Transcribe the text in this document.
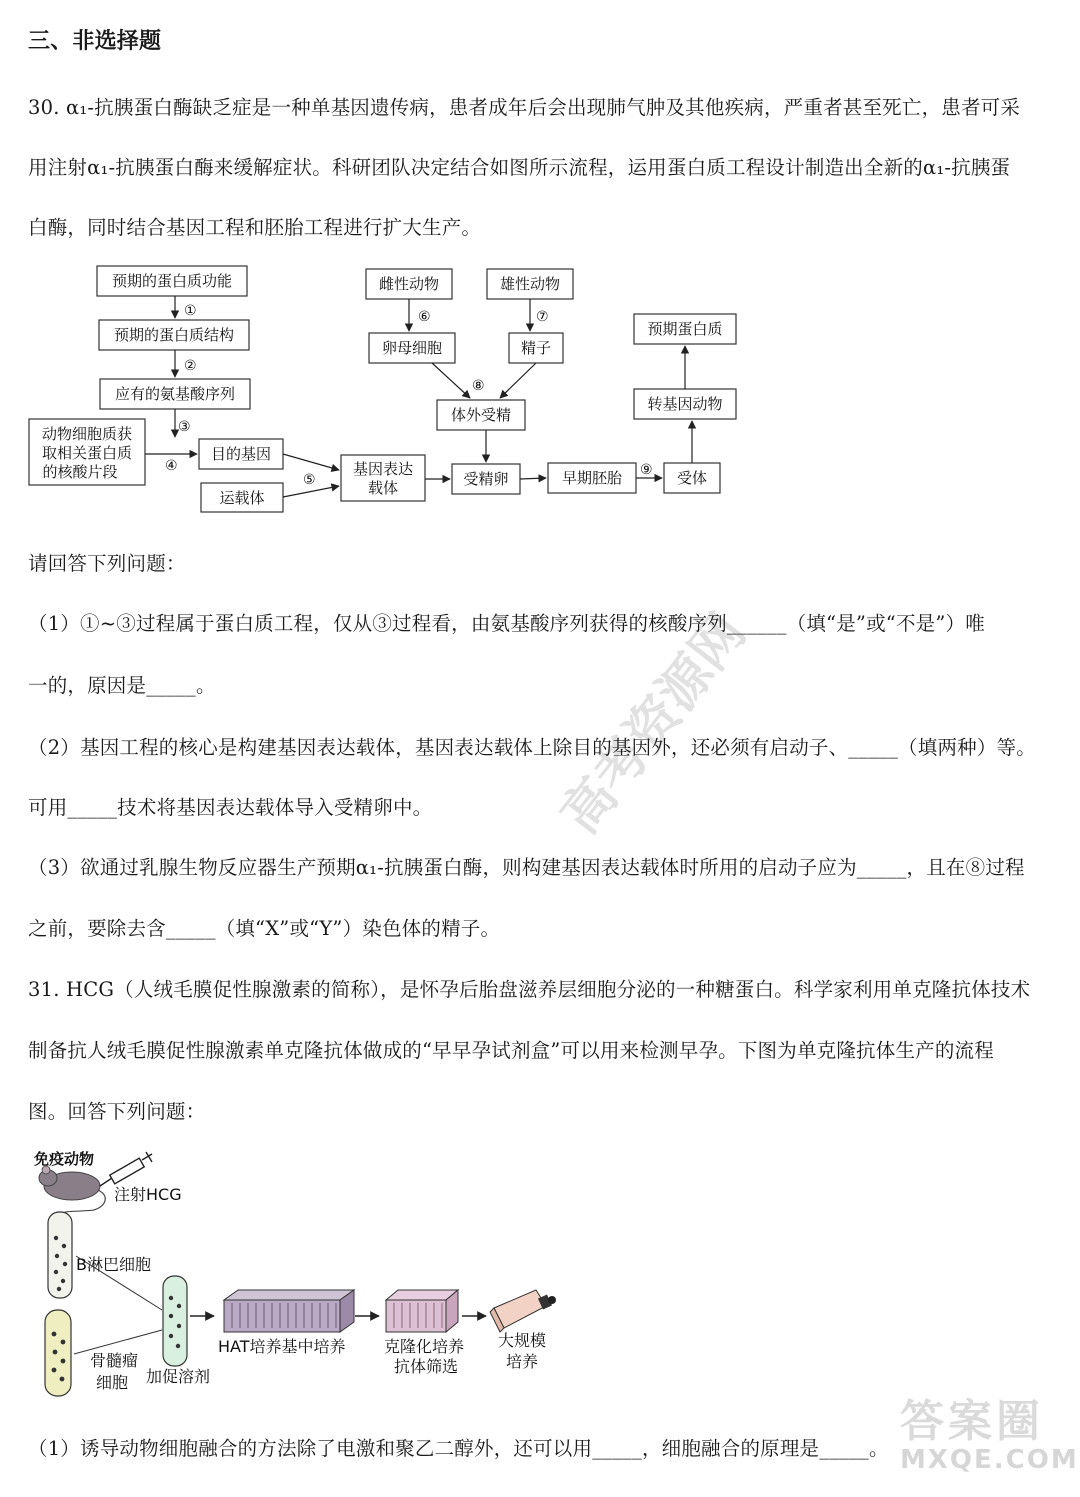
三、非选择题
30. α₁-抗胰蛋白酶缺乏症是一种单基因遗传病，患者成年后会出现肺气肿及其他疾病，严重者甚至死亡，患者可采
用注射α₁-抗胰蛋白酶来缓解症状。科研团队决定结合如图所示流程，运用蛋白质工程设计制造出全新的α₁-抗胰蛋
白酶，同时结合基因工程和胚胎工程进行扩大生产。
预期的蛋白质功能
预期的蛋白质结构
应有的氨基酸序列
动物细胞质获
取相关蛋白质
的核酸片段
目的基因
运载体
基因表达
载体	受精卵	早期胚胎	受体
转基因动物
预期蛋白质
雌性动物	雄性动物
卵母细胞	精子
体外受精
①
②
③
④
⑤
⑥	⑦
⑧
⑨
请回答下列问题：
（1）①~③过程属于蛋白质工程，仅从③过程看，由氨基酸序列获得的核酸序列______（填“是”或“不是”）唯
一的，原因是_____。
（2）基因工程的核心是构建基因表达载体，基因表达载体上除目的基因外，还必须有启动子、_____（填两种）等。
可用_____技术将基因表达载体导入受精卵中。
（3）欲通过乳腺生物反应器生产预期α₁-抗胰蛋白酶，则构建基因表达载体时所用的启动子应为_____，且在⑧过程
之前，要除去含_____（填“X”或“Y”）染色体的精子。
31. HCG（人绒毛膜促性腺激素的简称），是怀孕后胎盘滋养层细胞分泌的一种糖蛋白。科学家利用单克隆抗体技术
制备抗人绒毛膜促性腺激素单克隆抗体做成的“早早孕试剂盒”可以用来检测早孕。下图为单克隆抗体生产的流程
图。回答下列问题：
免疫动物
注射HCG
B淋巴细胞
骨髓瘤
细胞 加促溶剂
HAT培养基中培养 克隆化培养
抗体筛选
大规模
培养
（1）诱导动物细胞融合的方法除了电激和聚乙二醇外，还可以用_____，细胞融合的原理是_____。
高考资源网
答案圈
MXQE.COM
